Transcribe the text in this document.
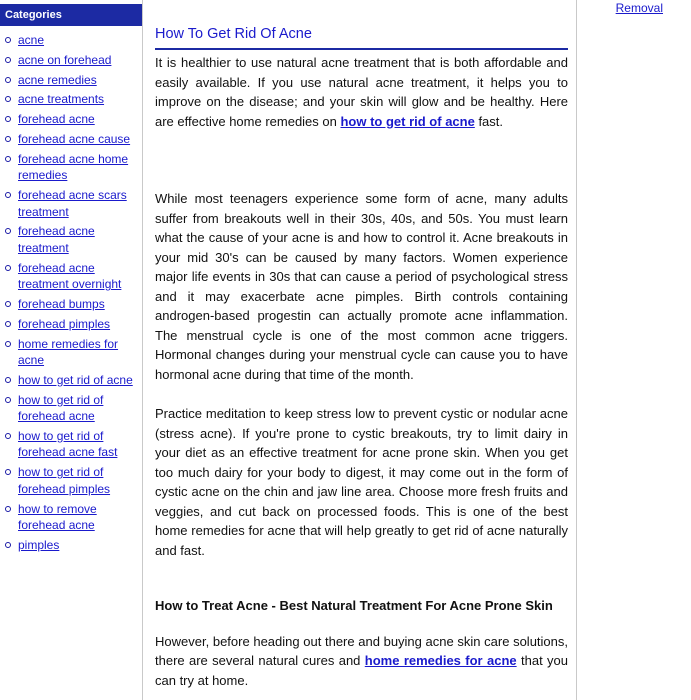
Categories
acne
acne on forehead
acne remedies
acne treatments
forehead acne
forehead acne cause
forehead acne home remedies
forehead acne scars treatment
forehead acne treatment
forehead acne treatment overnight
forehead bumps
forehead pimples
home remedies for acne
how to get rid of acne
how to get rid of forehead acne
how to get rid of forehead acne fast
how to get rid of forehead pimples
how to remove forehead acne
pimples
How To Get Rid Of Acne

It is healthier to use natural acne treatment that is both affordable and easily available. If you use natural acne treatment, it helps you to improve on the disease; and your skin will glow and be healthy. Here are effective home remedies on how to get rid of acne fast.

While most teenagers experience some form of acne, many adults suffer from breakouts well in their 30s, 40s, and 50s. You must learn what the cause of your acne is and how to control it. Acne breakouts in your mid 30's can be caused by many factors. Women experience major life events in 30s that can cause a period of psychological stress and it may exacerbate acne pimples. Birth controls containing androgen-based progestin can actually promote acne inflammation. The menstrual cycle is one of the most common acne triggers. Hormonal changes during your menstrual cycle can cause you to have hormonal acne during that time of the month.

Practice meditation to keep stress low to prevent cystic or nodular acne (stress acne). If you're prone to cystic breakouts, try to limit dairy in your diet as an effective treatment for acne prone skin. When you get too much dairy for your body to digest, it may come out in the form of cystic acne on the chin and jaw line area. Choose more fresh fruits and veggies, and cut back on processed foods. This is one of the best home remedies for acne that will help greatly to get rid of acne naturally and fast.

How to Treat Acne - Best Natural Treatment For Acne Prone Skin

However, before heading out there and buying acne skin care solutions, there are several natural cures and home remedies for acne that you can try at home.

Removal
